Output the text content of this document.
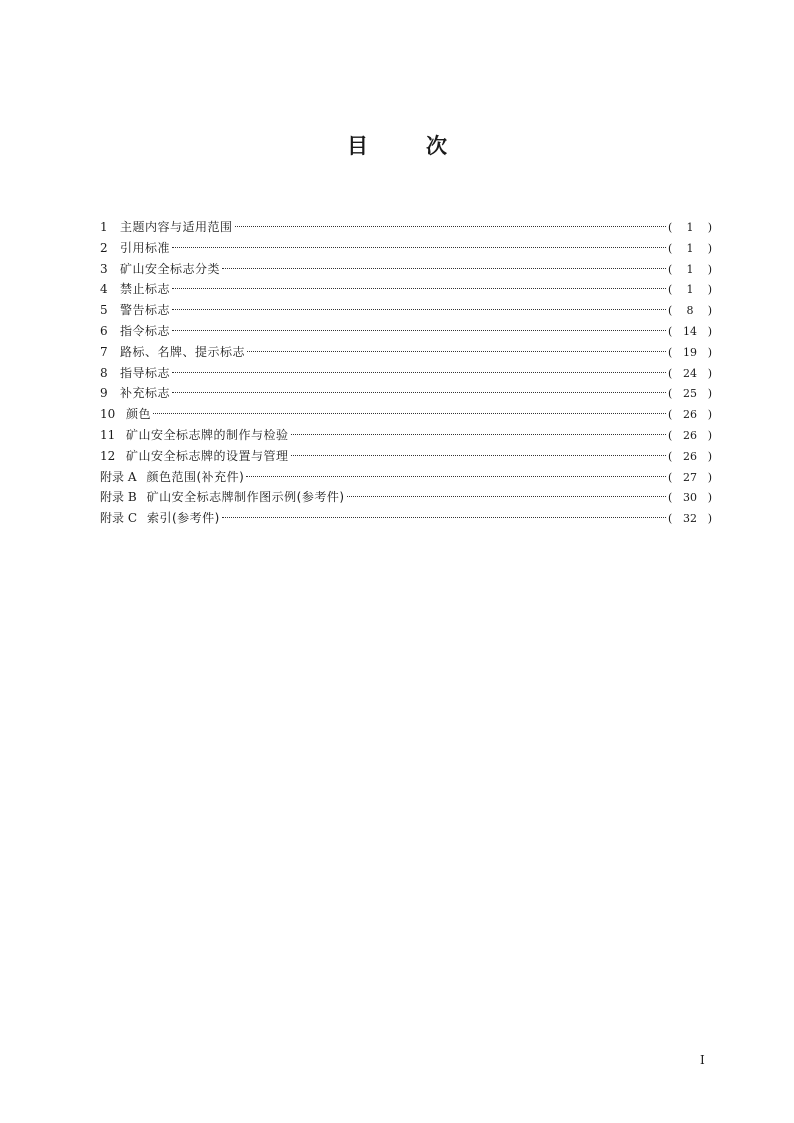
目次
1	主题内容与适用范围	(	1	)
2	引用标准	(	1	)
3	矿山安全标志分类	(	1	)
4	禁止标志	(	1	)
5	警告标志	(	8	)
6	指令标志	( 14 )
7	路标、名牌、提示标志	( 19 )
8	指导标志	( 24 )
9	补充标志	( 25 )
10 颜色	( 26 )
11 矿山安全标志牌的制作与检验	( 26 )
12 矿山安全标志牌的设置与管理	( 26 )
附录 A 颜色范围(补充件)	( 27 )
附录 B 矿山安全标志牌制作图示例(参考件)	( 30 )
附录 C 索引(参考件)	( 32 )
I
